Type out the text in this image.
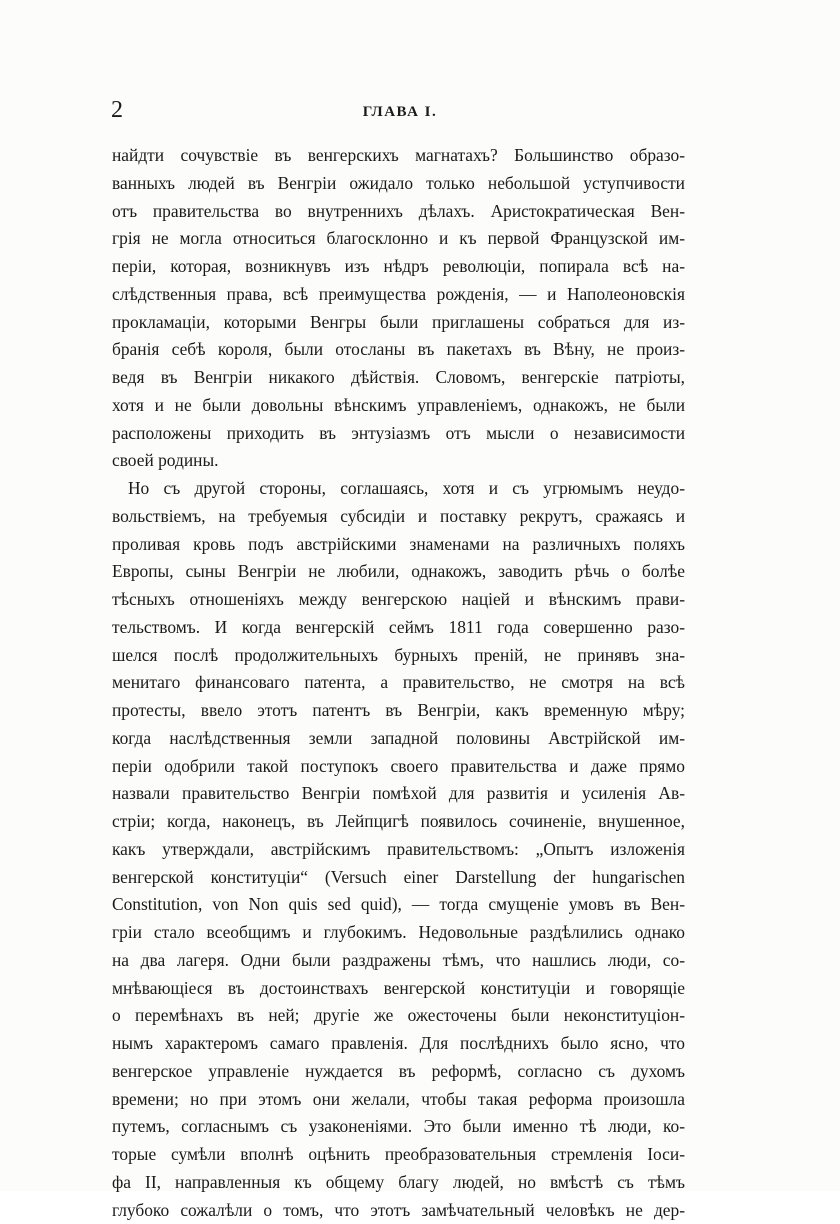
2	ГЛАВА I.
найдти сочувствіе въ венгерскихъ магнатахъ? Большинство образо-
ванныхъ людей въ Венгріи ожидало только небольшой уступчивости
отъ правительства во внутреннихъ дѣлахъ. Аристократическая Вен-
грія не могла относиться благосклонно и къ первой Французской им-
періи, которая, возникнувъ изъ нѣдръ революціи, попирала всѣ на-
слѣдственныя права, всѣ преимущества рожденія, — и Наполеоновскія
прокламаціи, которыми Венгры были приглашены собраться для из-
бранія себѣ короля, были отосланы въ пакетахъ въ Вѣну, не произ-
ведя въ Венгріи никакого дѣйствія. Словомъ, венгерскіе патріоты,
хотя и не были довольны вѣнскимъ управленіемъ, однакожъ, не были
расположены приходить въ энтузіазмъ отъ мысли о независимости
своей родины.
Но съ другой стороны, соглашаясь, хотя и съ угрюмымъ неудо-
вольствіемъ, на требуемыя субсидіи и поставку рекрутъ, сражаясь и
проливая кровь подъ австрійскими знаменами на различныхъ поляхъ
Европы, сыны Венгріи не любили, однакожъ, заводить рѣчь о болѣе
тѣсныхъ отношеніяхъ между венгерскою націей и вѣнскимъ прави-
тельствомъ. И когда венгерскій сеймъ 1811 года совершенно разо-
шелся послѣ продолжительныхъ бурныхъ преній, не принявъ зна-
менитаго финансоваго патента, а правительство, не смотря на всѣ
протесты, ввело этотъ патентъ въ Венгріи, какъ временную мѣру;
когда наслѣдственныя земли западной половины Австрійской им-
періи одобрили такой поступокъ своего правительства и даже прямо
назвали правительство Венгріи помѣхой для развитія и усиленія Ав-
стріи; когда, наконецъ, въ Лейпцигѣ появилось сочиненіе, внушенное,
какъ утверждали, австрійскимъ правительствомъ: „Опытъ изложенія
венгерской конституціи“ (Versuch einer Darstellung der hungarischen
Constitution, von Non quis sed quid), — тогда смущеніе умовъ въ Вен-
гріи стало всеобщимъ и глубокимъ. Недовольные раздѣлились однако
на два лагеря. Одни были раздражены тѣмъ, что нашлись люди, со-
мнѣвающіеся въ достоинствахъ венгерской конституціи и говорящіе
о перемѣнахъ въ ней; другіе же ожесточены были неконституціон-
нымъ характеромъ самаго правленія. Для послѣднихъ было ясно, что
венгерское управленіе нуждается въ реформѣ, согласно съ духомъ
времени; но при этомъ они желали, чтобы такая реформа произошла
путемъ, согласнымъ съ узаконеніями. Это были именно тѣ люди, ко-
торые сумѣли вполнѣ оцѣнить преобразовательныя стремленія Іоси-
фа II, направленныя къ общему благу людей, но вмѣстѣ съ тѣмъ
глубоко сожалѣли о томъ, что этотъ замѣчательный человѣкъ не дер-
